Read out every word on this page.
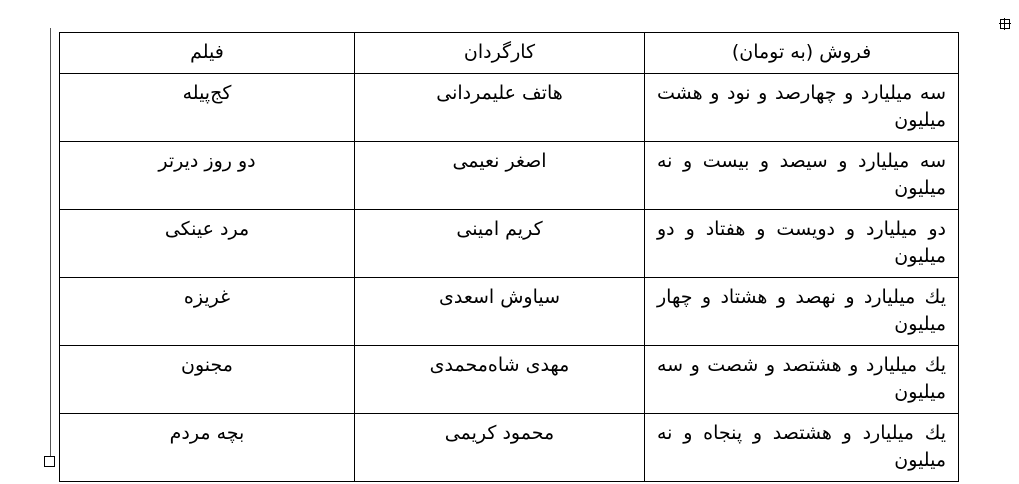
فروش (به تومان)	کارگردان	فیلم
سه میلیارد و چهارصد و نود و هشت میلیون	هاتف علیمردانی	کج‌پیله
سه میلیارد و سیصد و بیست و نه میلیون	اصغر نعیمی	دو روز دیرتر
دو میلیارد و دویست و هفتاد و دو میلیون	کریم امینی	مرد عینکی
یك میلیارد و نهصد و هشتاد و چهار میلیون	سیاوش اسعدی	غریزه
یك میلیارد و هشتصد و شصت و سه میلیون	مهدی شاه‌محمدی	مجنون
یك میلیارد و هشتصد و پنجاه و نه میلیون	محمود کریمی	بچه مردم
